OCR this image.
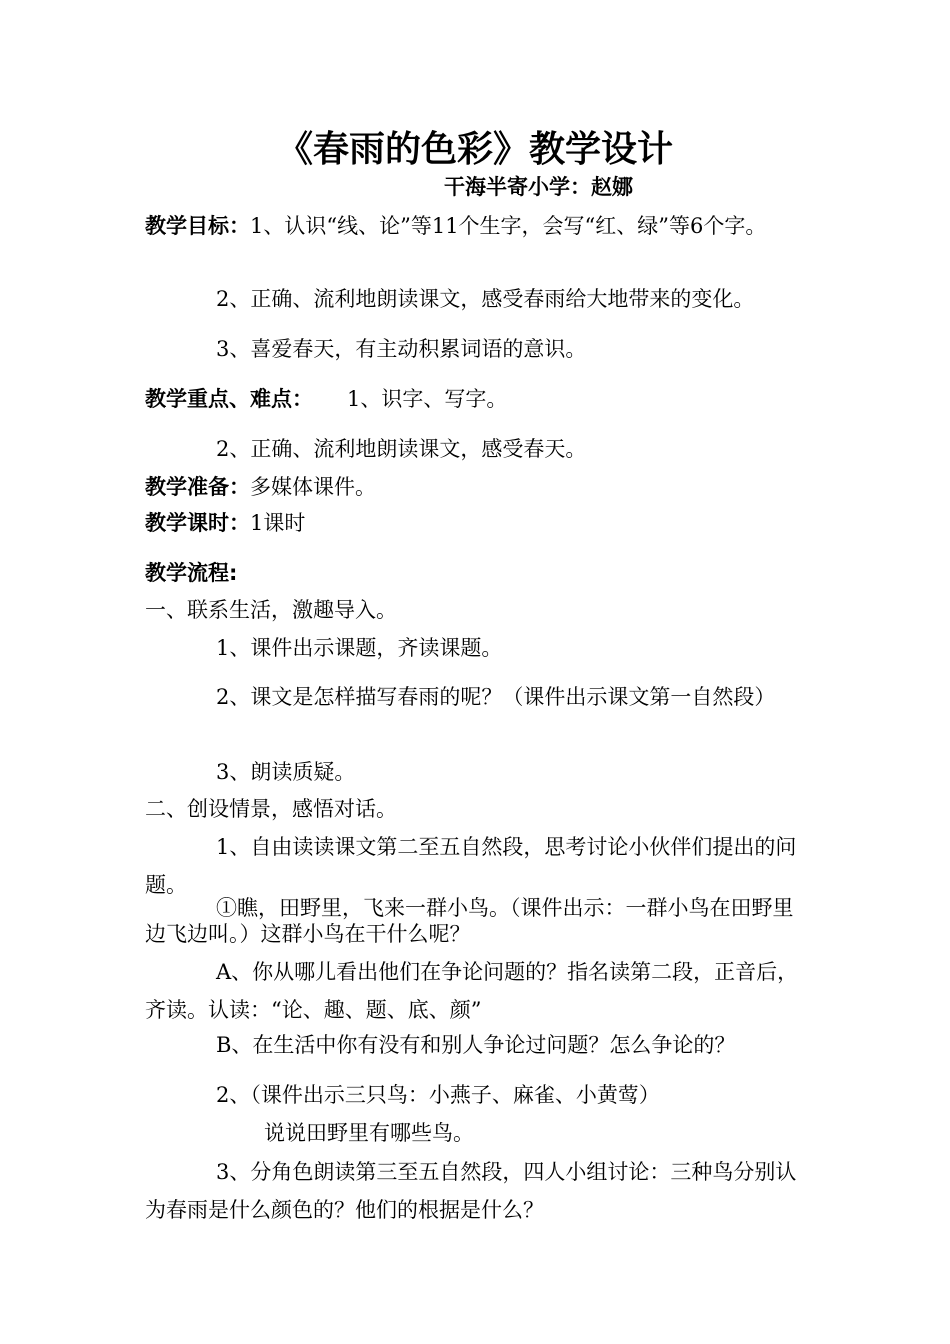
《春雨的色彩》教学设计
干海半寄小学：赵娜
教学目标：1、认识“线、论”等11个生字，会写“红、绿”等6个字。
2、正确、流利地朗读课文，感受春雨给大地带来的变化。
3、喜爱春天，有主动积累词语的意识。
教学重点、难点： 1、识字、写字。
2、正确、流利地朗读课文，感受春天。
教学准备：多媒体课件。
教学课时：1课时
教学流程:
一、联系生活，激趣导入。
1、课件出示课题，齐读课题。
2、课文是怎样描写春雨的呢？（课件出示课文第一自然段）
3、朗读质疑。
二、创设情景，感悟对话。
1、自由读读课文第二至五自然段，思考讨论小伙伴们提出的问题。
①瞧，田野里，飞来一群小鸟。（课件出示：一群小鸟在田野里边飞边叫。）这群小鸟在干什么呢？
A、你从哪儿看出他们在争论问题的？指名读第二段，正音后，齐读。认读：“论、趣、题、底、颜”
B、在生活中你有没有和别人争论过问题？怎么争论的？
2、（课件出示三只鸟：小燕子、麻雀、小黄莺）
说说田野里有哪些鸟。
3、分角色朗读第三至五自然段，四人小组讨论：三种鸟分别认为春雨是什么颜色的？他们的根据是什么？
